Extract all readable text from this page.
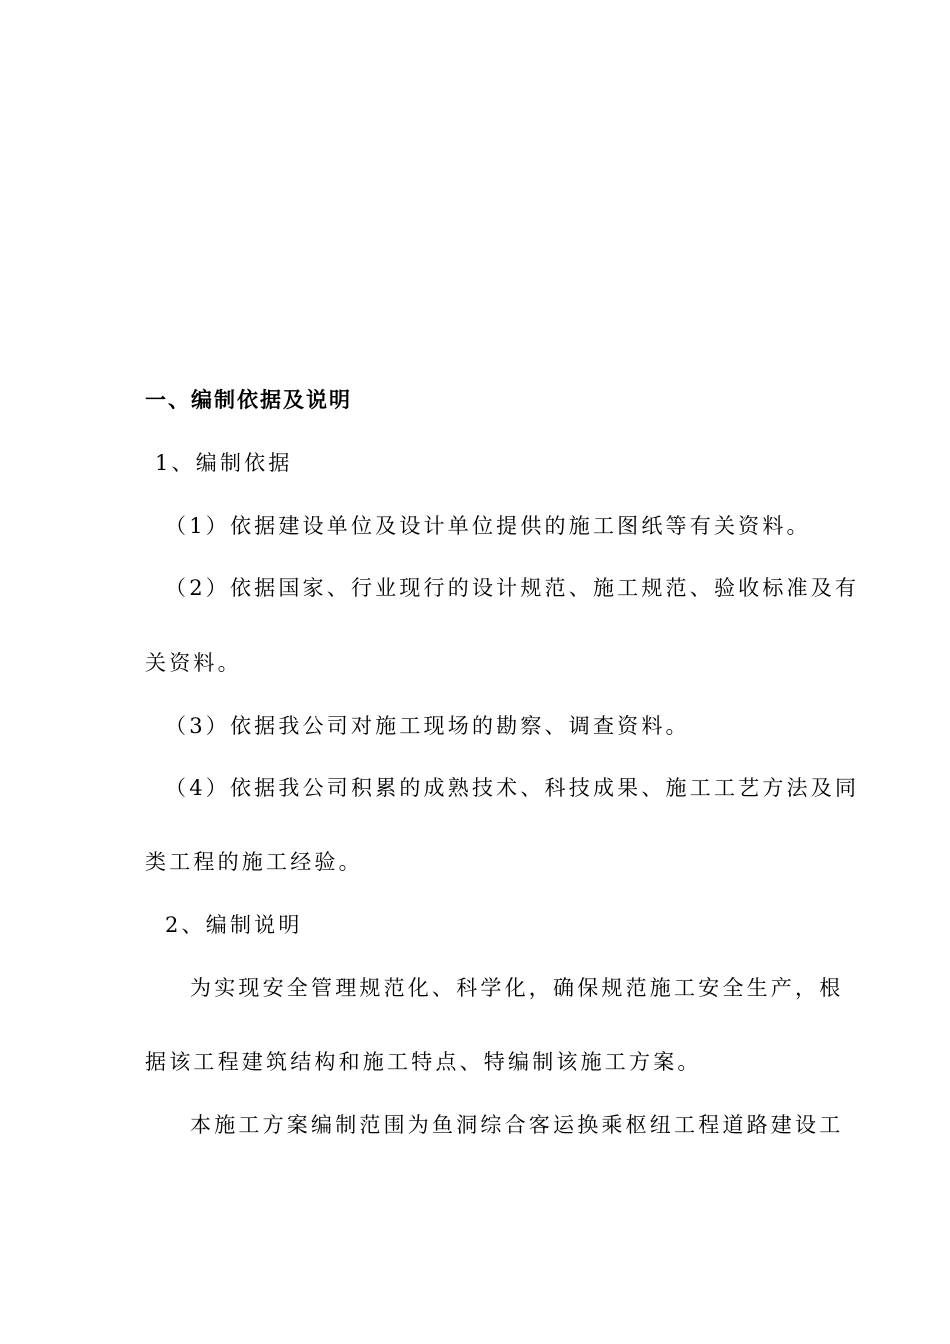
一、编制依据及说明
1、编制依据
（1）依据建设单位及设计单位提供的施工图纸等有关资料。
（2）依据国家、行业现行的设计规范、施工规范、验收标准及有
关资料。
（3）依据我公司对施工现场的勘察、调查资料。
（4）依据我公司积累的成熟技术、科技成果、施工工艺方法及同
类工程的施工经验。
2、编制说明
为实现安全管理规范化、科学化，确保规范施工安全生产，根
据该工程建筑结构和施工特点、特编制该施工方案。
本施工方案编制范围为鱼洞综合客运换乘枢纽工程道路建设工
